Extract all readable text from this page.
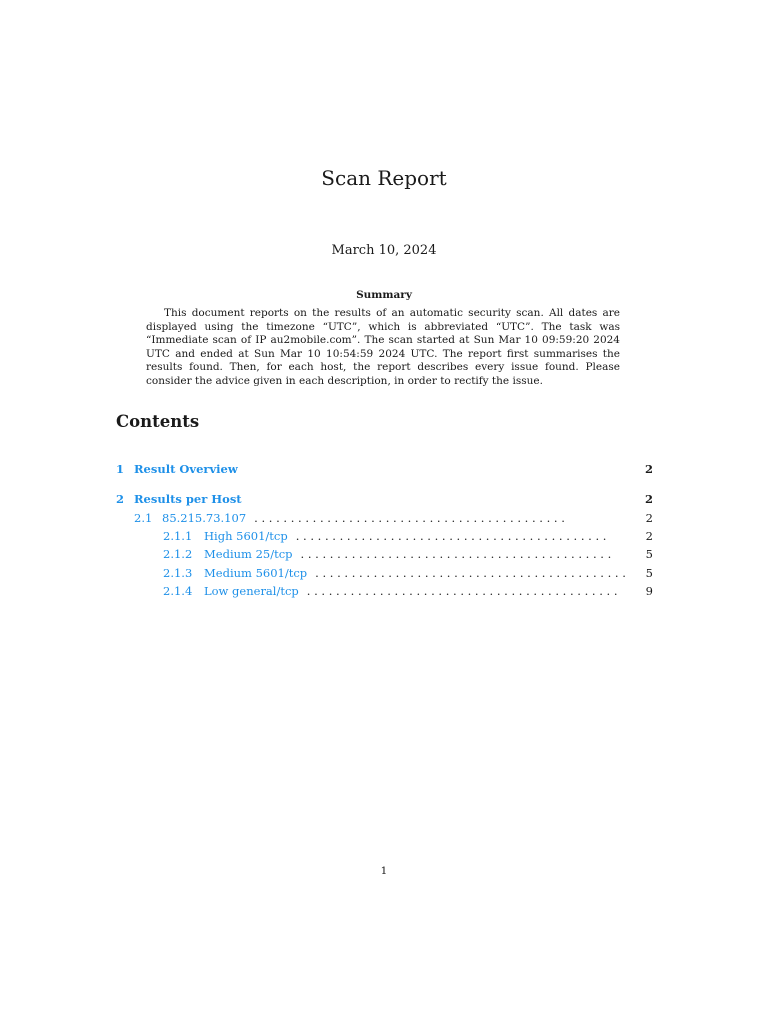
Scan Report
March 10, 2024
Summary

This document reports on the results of an automatic security scan. All dates are displayed using the timezone “UTC”, which is abbreviated “UTC”. The task was “Immediate scan of IP au2mobile.com”. The scan started at Sun Mar 10 09:59:20 2024 UTC and ended at Sun Mar 10 10:54:59 2024 UTC. The report first summarises the results found. Then, for each host, the report describes every issue found. Please consider the advice given in each description, in order to rectify the issue.

Contents
1 Result Overview	2
2 Results per Host	2
2.1 85.215.73.107 . . . . . . . . . . . . . . . . . . . . . . . . . . . . . . . . . . . . . . . . . . .	2
2.1.1	High 5601/tcp . . . . . . . . . . . . . . . . . . . . . . . . . . . . . . . . . . . . . . . . . . .	2
2.1.2	Medium 25/tcp . . . . . . . . . . . . . . . . . . . . . . . . . . . . . . . . . . . . . . . . . . .	5
2.1.3	Medium 5601/tcp . . . . . . . . . . . . . . . . . . . . . . . . . . . . . . . . . . . . . . . . . . .	5
2.1.4	Low general/tcp . . . . . . . . . . . . . . . . . . . . . . . . . . . . . . . . . . . . . . . . . . .	9
1
